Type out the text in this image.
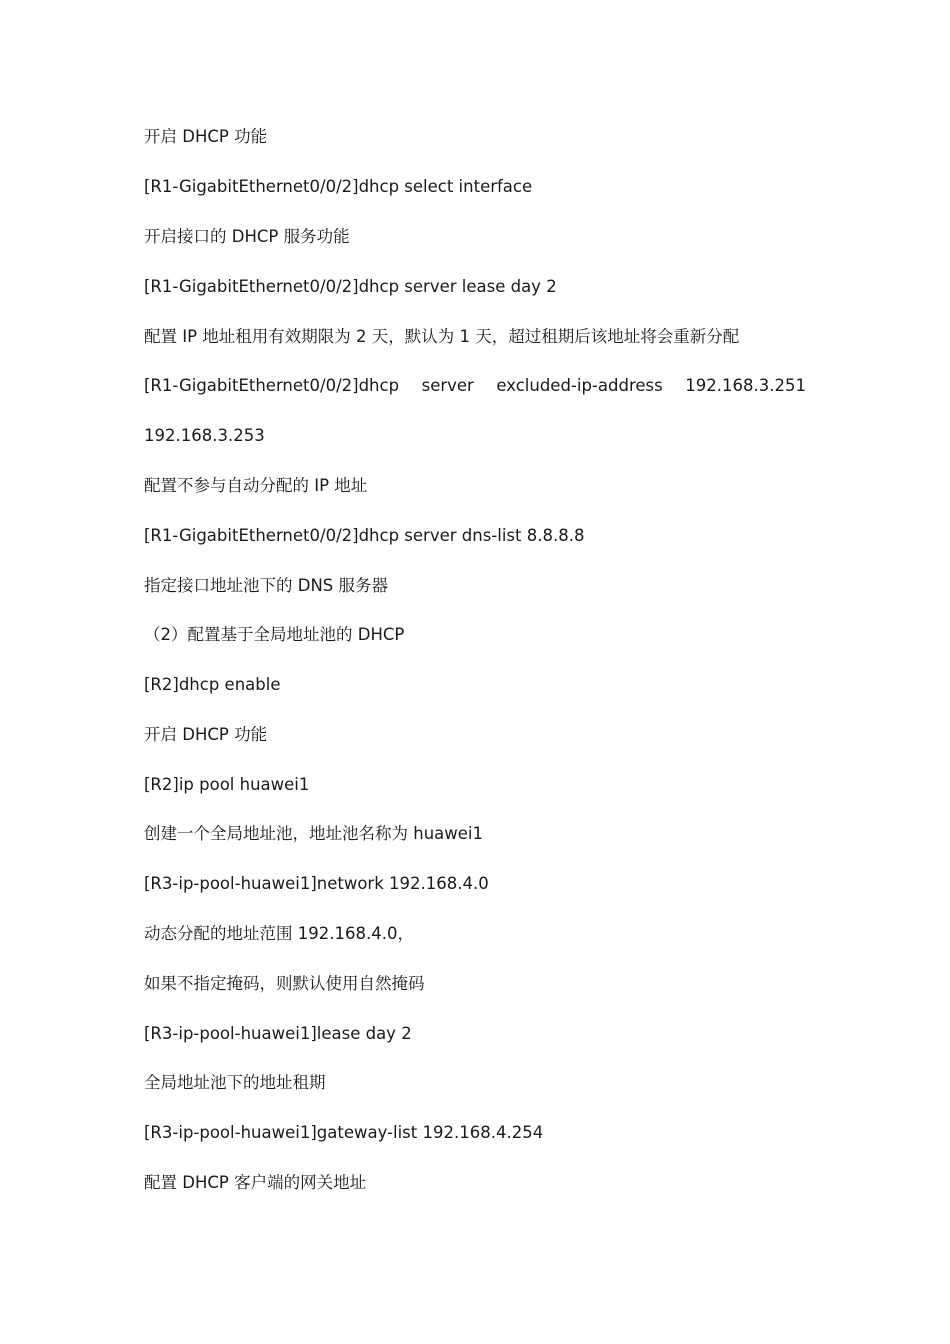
开启 DHCP 功能
[R1-GigabitEthernet0/0/2]dhcp select interface
开启接口的 DHCP 服务功能
[R1-GigabitEthernet0/0/2]dhcp server lease day 2
配置 IP 地址租用有效期限为 2 天，默认为 1 天，超过租期后该地址将会重新分配
[R1-GigabitEthernet0/0/2]dhcp server excluded-ip-address 192.168.3.251
192.168.3.253
配置不参与自动分配的 IP 地址
[R1-GigabitEthernet0/0/2]dhcp server dns-list 8.8.8.8
指定接口地址池下的 DNS 服务器
（2）配置基于全局地址池的 DHCP
[R2]dhcp enable
开启 DHCP 功能
[R2]ip pool huawei1
创建一个全局地址池，地址池名称为 huawei1
[R3-ip-pool-huawei1]network 192.168.4.0
动态分配的地址范围 192.168.4.0，
如果不指定掩码，则默认使用自然掩码
[R3-ip-pool-huawei1]lease day 2
全局地址池下的地址租期
[R3-ip-pool-huawei1]gateway-list 192.168.4.254
配置 DHCP 客户端的网关地址
